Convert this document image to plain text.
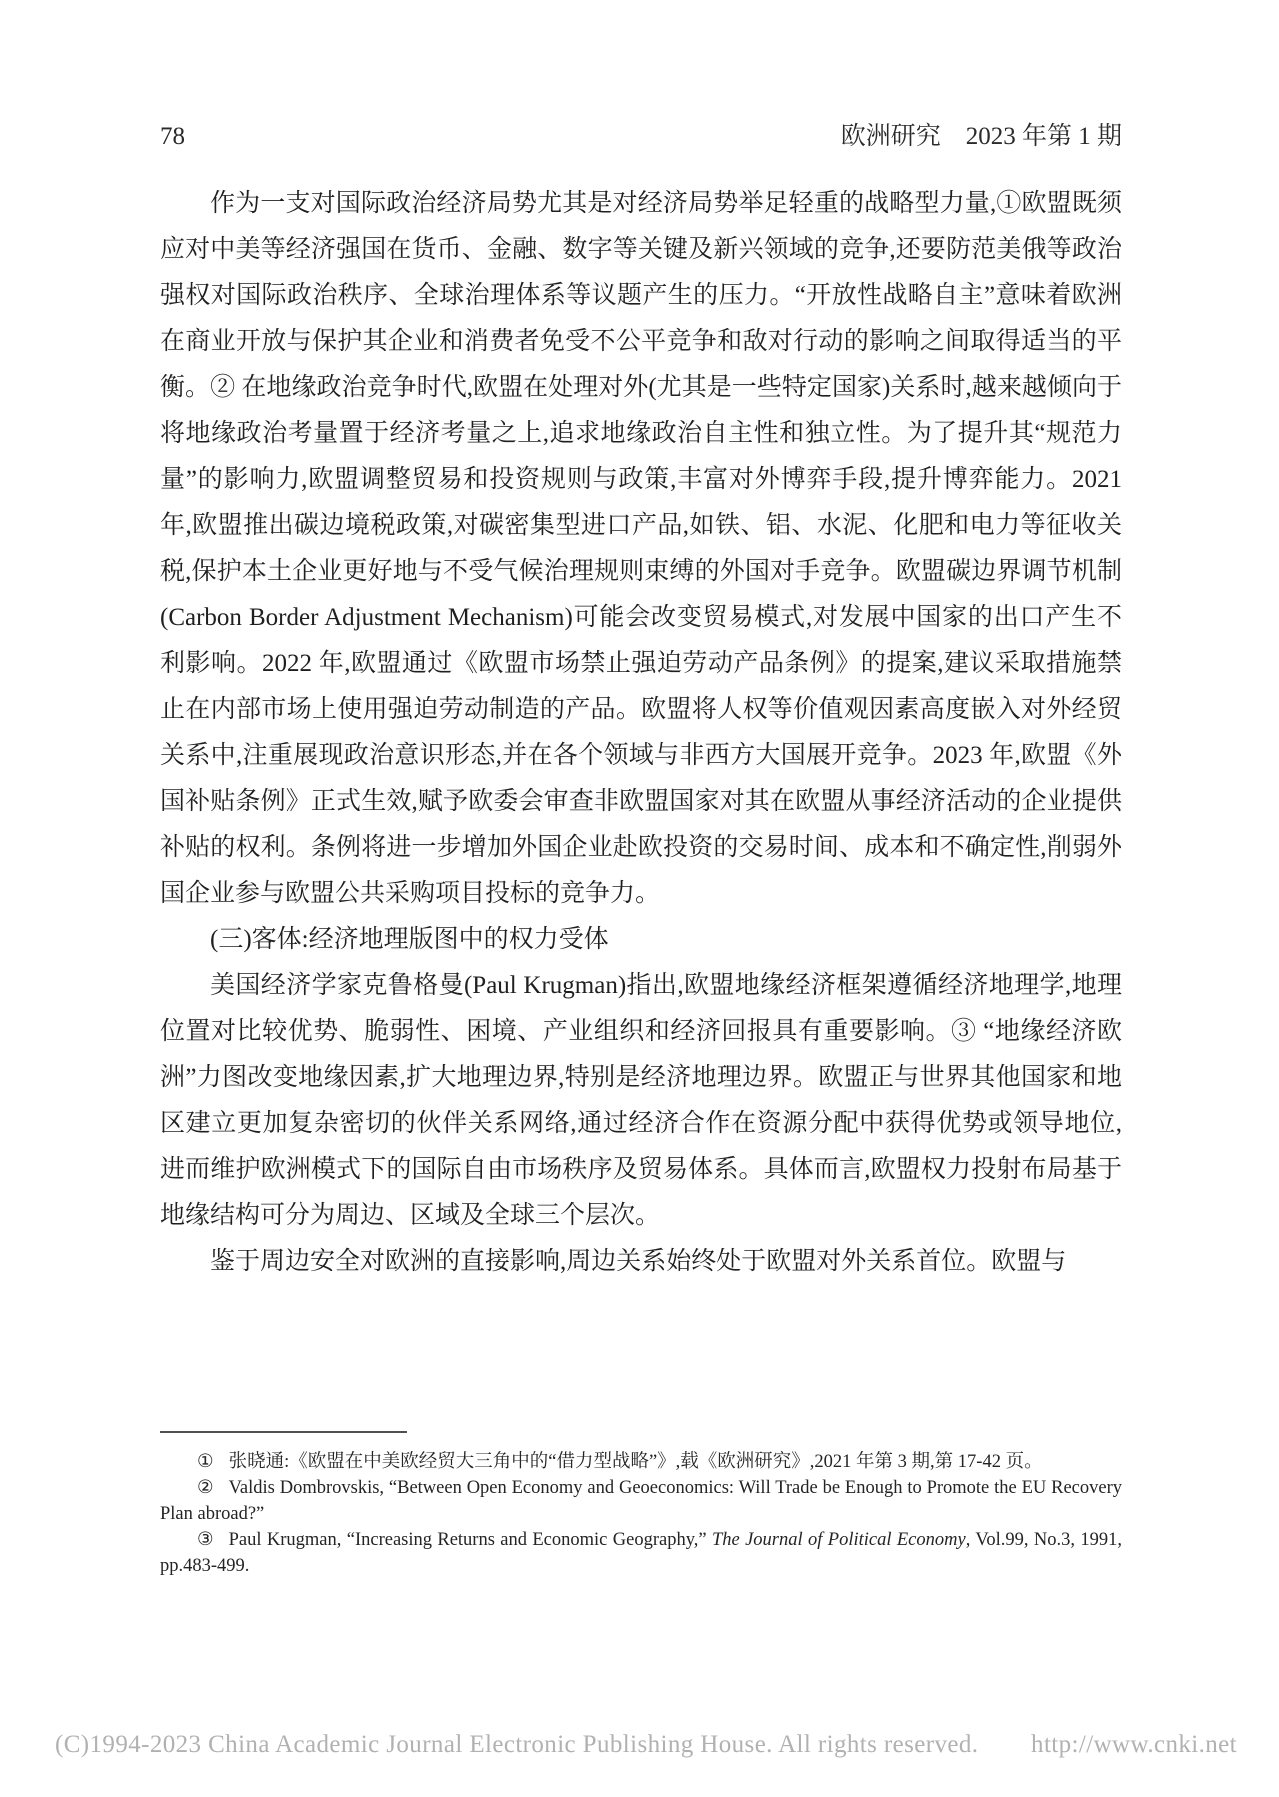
78	欧洲研究　2023 年第 1 期

作为一支对国际政治经济局势尤其是对经济局势举足轻重的战略型力量,①欧盟既须应对中美等经济强国在货币、金融、数字等关键及新兴领域的竞争,还要防范美俄等政治强权对国际政治秩序、全球治理体系等议题产生的压力。“开放性战略自主”意味着欧洲在商业开放与保护其企业和消费者免受不公平竞争和敌对行动的影响之间取得适当的平衡。② 在地缘政治竞争时代,欧盟在处理对外(尤其是一些特定国家)关系时,越来越倾向于将地缘政治考量置于经济考量之上,追求地缘政治自主性和独立性。为了提升其“规范力量”的影响力,欧盟调整贸易和投资规则与政策,丰富对外博弈手段,提升博弈能力。2021 年,欧盟推出碳边境税政策,对碳密集型进口产品,如铁、铝、水泥、化肥和电力等征收关税,保护本土企业更好地与不受气候治理规则束缚的外国对手竞争。欧盟碳边界调节机制(Carbon Border Adjustment Mechanism)可能会改变贸易模式,对发展中国家的出口产生不利影响。2022 年,欧盟通过《欧盟市场禁止强迫劳动产品条例》的提案,建议采取措施禁止在内部市场上使用强迫劳动制造的产品。欧盟将人权等价值观因素高度嵌入对外经贸关系中,注重展现政治意识形态,并在各个领域与非西方大国展开竞争。2023 年,欧盟《外国补贴条例》正式生效,赋予欧委会审查非欧盟国家对其在欧盟从事经济活动的企业提供补贴的权利。条例将进一步增加外国企业赴欧投资的交易时间、成本和不确定性,削弱外国企业参与欧盟公共采购项目投标的竞争力。

(三)客体:经济地理版图中的权力受体

美国经济学家克鲁格曼(Paul Krugman)指出,欧盟地缘经济框架遵循经济地理学,地理位置对比较优势、脆弱性、困境、产业组织和经济回报具有重要影响。③ “地缘经济欧洲”力图改变地缘因素,扩大地理边界,特别是经济地理边界。欧盟正与世界其他国家和地区建立更加复杂密切的伙伴关系网络,通过经济合作在资源分配中获得优势或领导地位,进而维护欧洲模式下的国际自由市场秩序及贸易体系。具体而言,欧盟权力投射布局基于地缘结构可分为周边、区域及全球三个层次。

鉴于周边安全对欧洲的直接影响,周边关系始终处于欧盟对外关系首位。欧盟与

① 张晓通:《欧盟在中美欧经贸大三角中的“借力型战略”》,载《欧洲研究》,2021 年第 3 期,第 17-42 页。

② Valdis Dombrovskis, “Between Open Economy and Geoeconomics: Will Trade be Enough to Promote the EU Recovery Plan abroad?”

③ Paul Krugman, “Increasing Returns and Economic Geography,” The Journal of Political Economy, Vol.99, No.3, 1991, pp.483-499.

(C)1994-2023 China Academic Journal Electronic Publishing House. All rights reserved. http://www.cnki.net
